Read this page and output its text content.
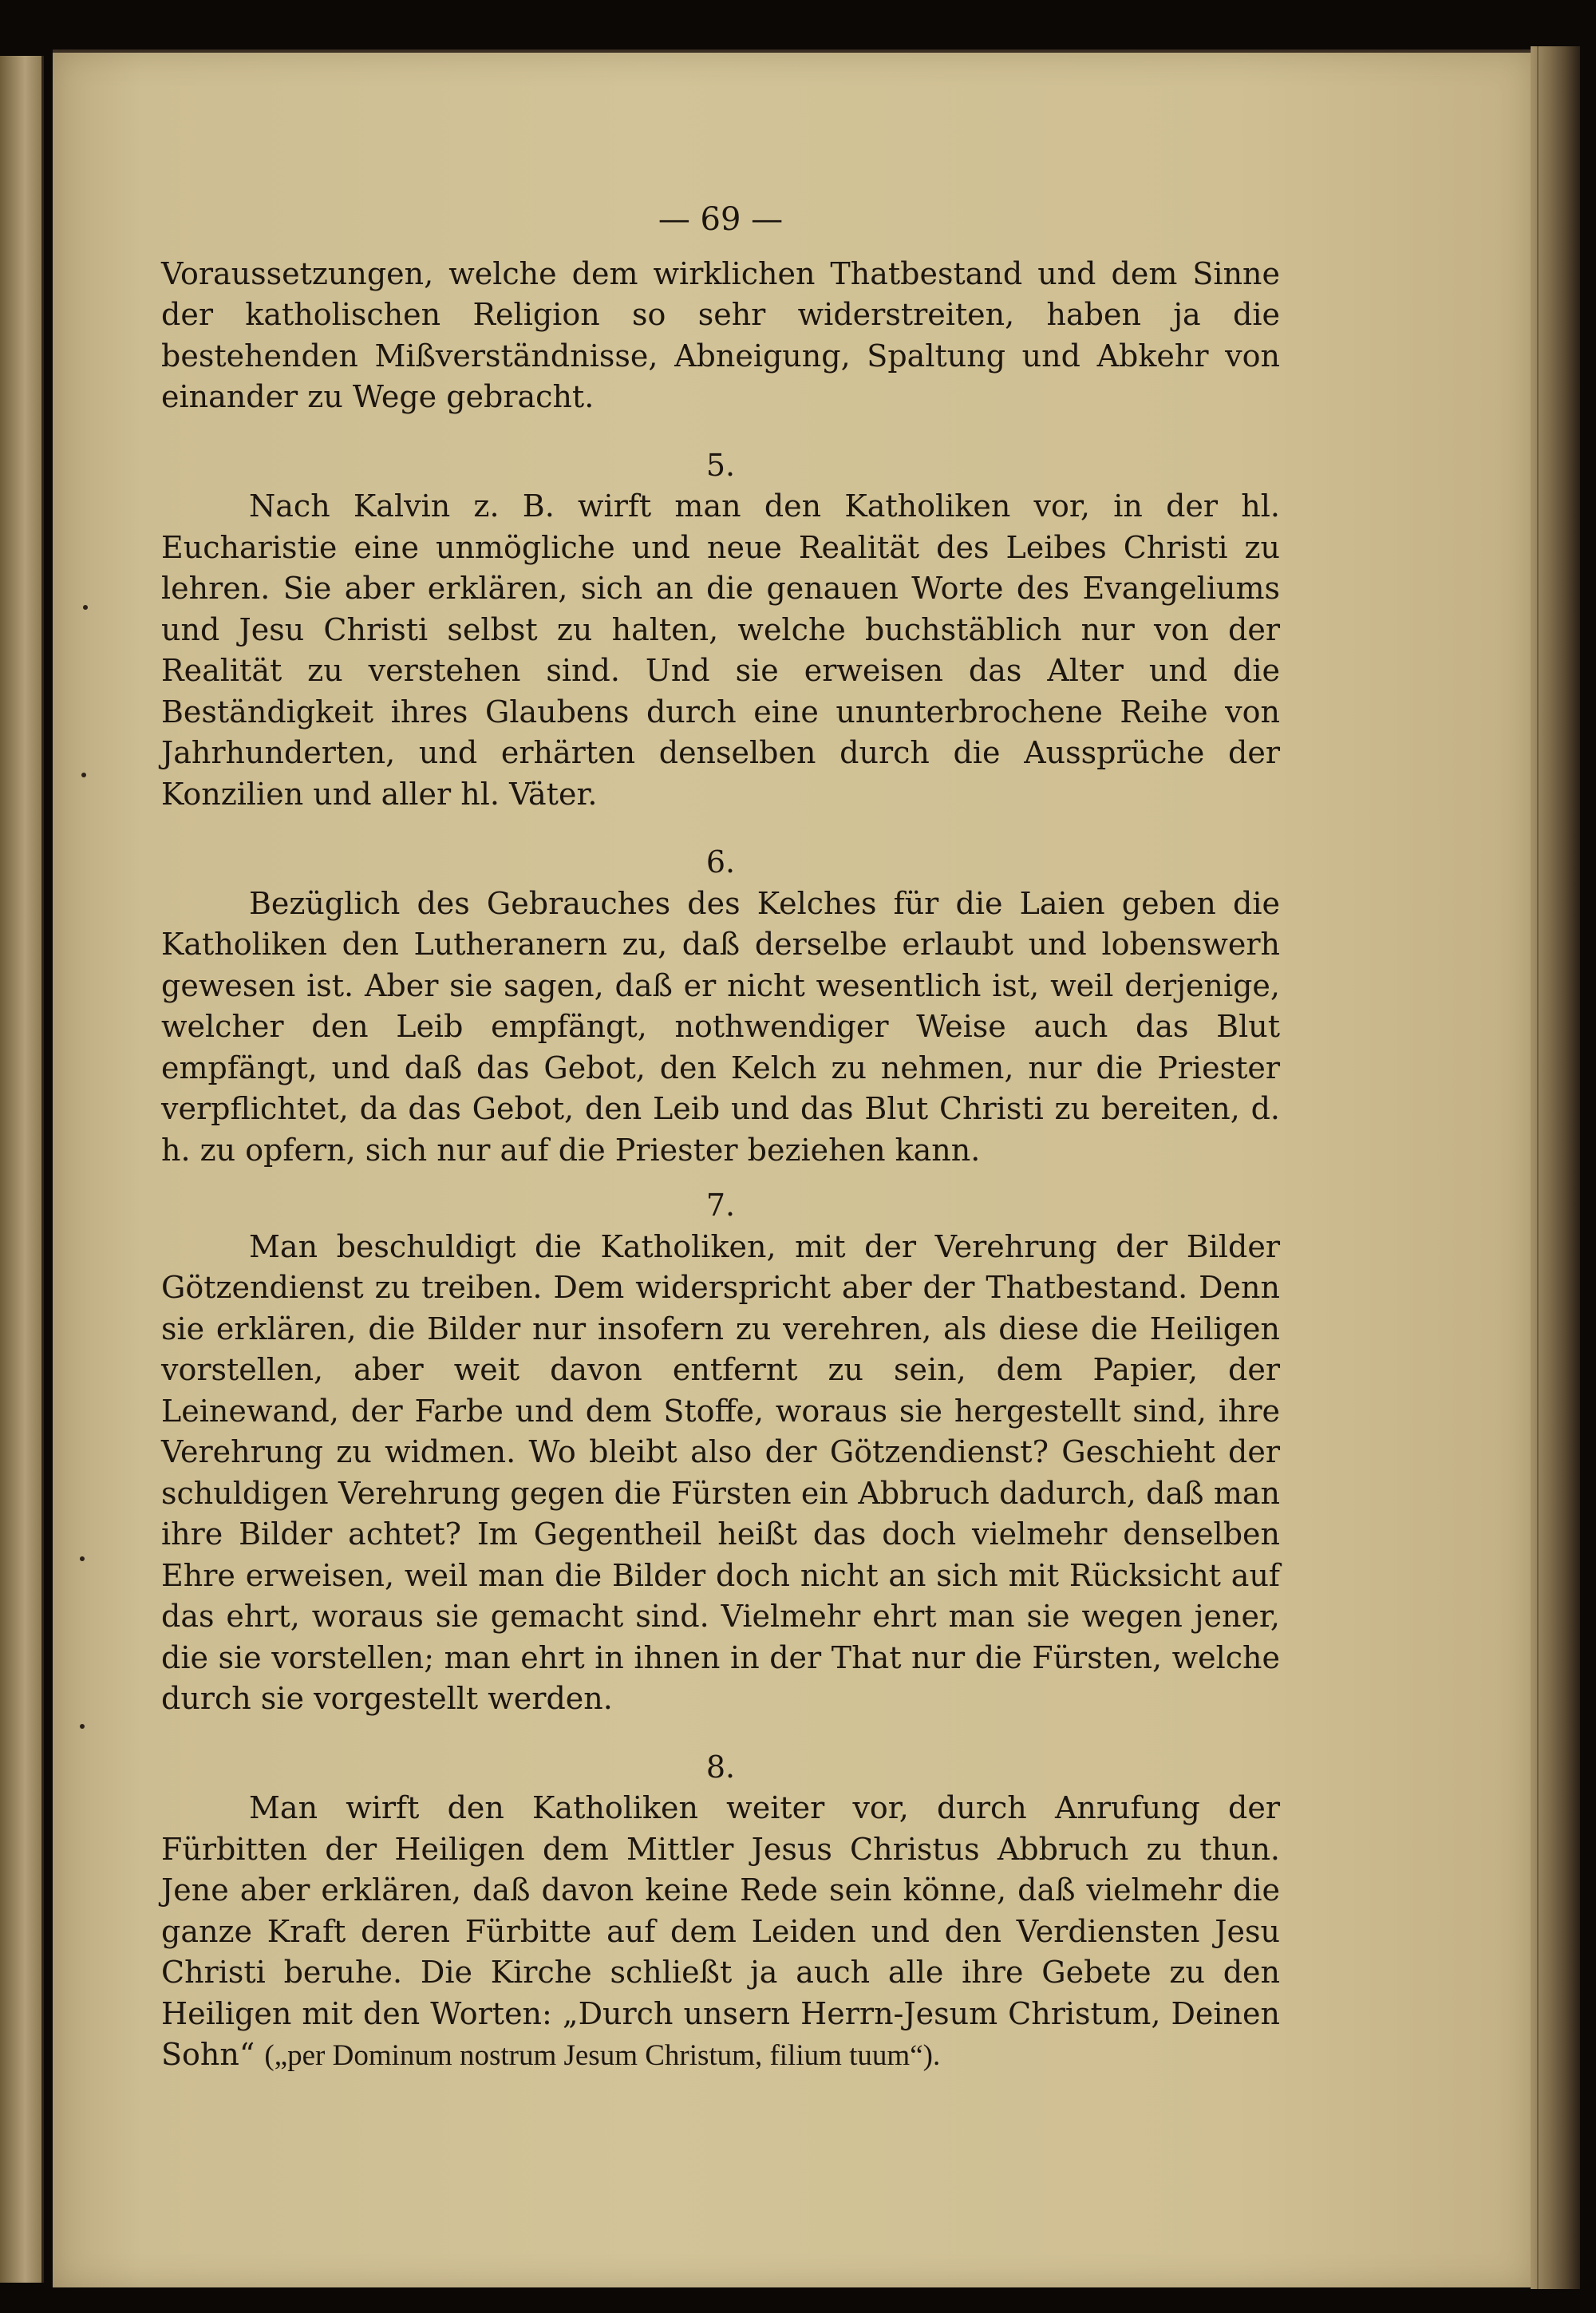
— 69 —

Voraussetzungen, welche dem wirklichen Thatbestand und dem Sinne der katholischen Religion so sehr widerstreiten, haben ja die bestehenden Mißverständnisse, Abneigung, Spaltung und Abkehr von einander zu Wege gebracht.

5.

Nach Kalvin z. B. wirft man den Katholiken vor, in der hl. Eucharistie eine unmögliche und neue Realität des Leibes Christi zu lehren. Sie aber erklären, sich an die genauen Worte des Evangeliums und Jesu Christi selbst zu halten, welche buchstäblich nur von der Realität zu verstehen sind. Und sie erweisen das Alter und die Beständigkeit ihres Glaubens durch eine ununterbrochene Reihe von Jahrhunderten, und erhärten denselben durch die Aussprüche der Konzilien und aller hl. Väter.

6.

Bezüglich des Gebrauches des Kelches für die Laien geben die Katholiken den Lutheranern zu, daß derselbe erlaubt und lobenswerh gewesen ist. Aber sie sagen, daß er nicht wesentlich ist, weil derjenige, welcher den Leib empfängt, nothwendiger Weise auch das Blut empfängt, und daß das Gebot, den Kelch zu nehmen, nur die Priester verpflichtet, da das Gebot, den Leib und das Blut Christi zu bereiten, d. h. zu opfern, sich nur auf die Priester beziehen kann.

7.

Man beschuldigt die Katholiken, mit der Verehrung der Bilder Götzendienst zu treiben. Dem widerspricht aber der Thatbestand. Denn sie erklären, die Bilder nur insofern zu verehren, als diese die Heiligen vorstellen, aber weit davon entfernt zu sein, dem Papier, der Leinewand, der Farbe und dem Stoffe, woraus sie hergestellt sind, ihre Verehrung zu widmen. Wo bleibt also der Götzendienst? Geschieht der schuldigen Verehrung gegen die Fürsten ein Abbruch dadurch, daß man ihre Bilder achtet? Im Gegentheil heißt das doch vielmehr denselben Ehre erweisen, weil man die Bilder doch nicht an sich mit Rücksicht auf das ehrt, woraus sie gemacht sind. Vielmehr ehrt man sie wegen jener, die sie vorstellen; man ehrt in ihnen in der That nur die Fürsten, welche durch sie vorgestellt werden.

8.

Man wirft den Katholiken weiter vor, durch Anrufung der Fürbitten der Heiligen dem Mittler Jesus Christus Abbruch zu thun. Jene aber erklären, daß davon keine Rede sein könne, daß vielmehr die ganze Kraft deren Fürbitte auf dem Leiden und den Verdiensten Jesu Christi beruhe. Die Kirche schließt ja auch alle ihre Gebete zu den Heiligen mit den Worten: „Durch unsern Herrn-Jesum Christum, Deinen Sohn“ („per Dominum nostrum Jesum Christum, filium tuum“).
